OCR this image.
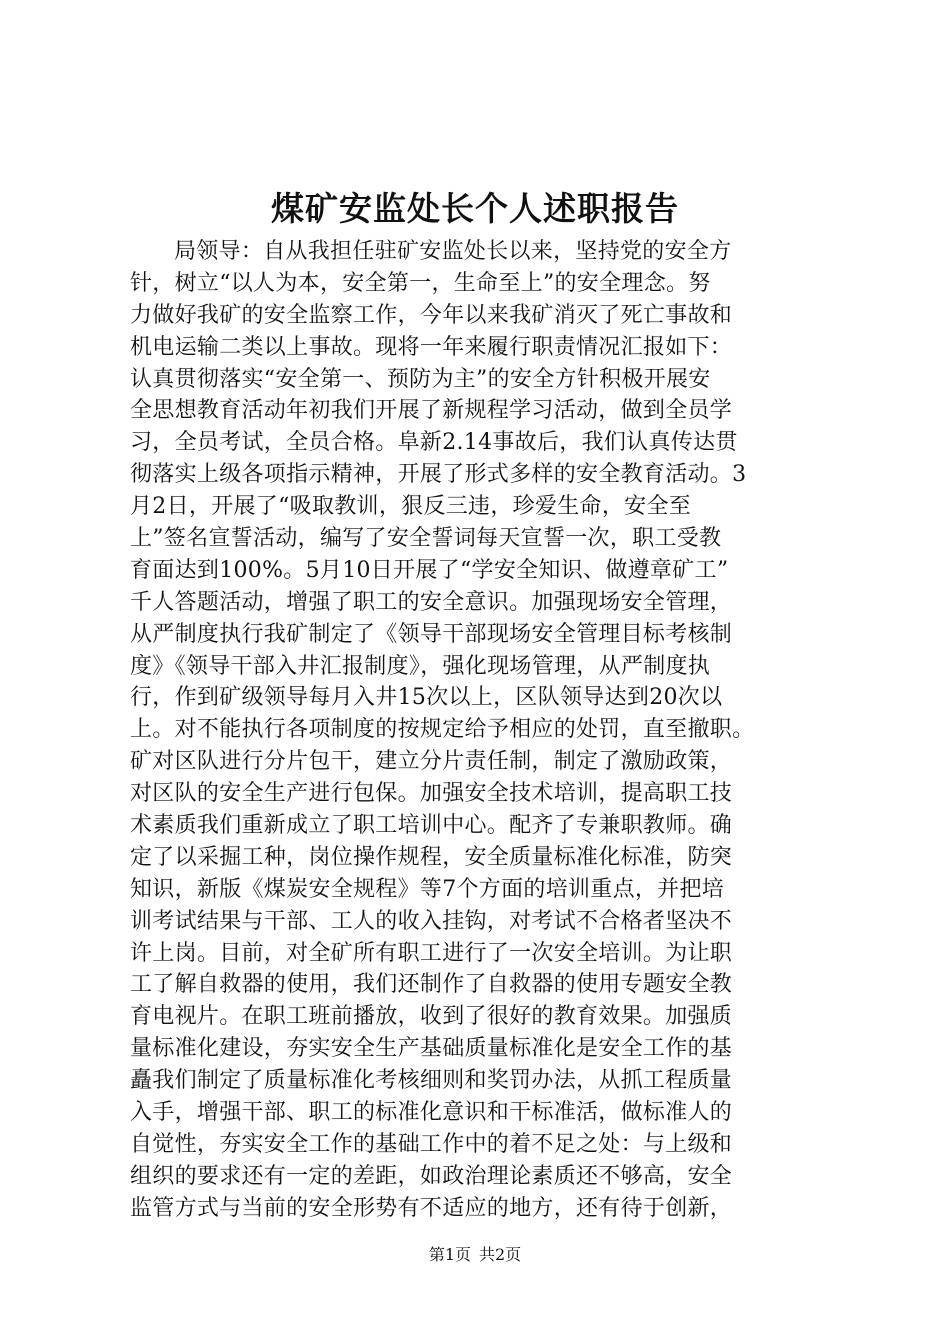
煤矿安监处长个人述职报告
局领导：自从我担任驻矿安监处长以来，坚持党的安全方
针，树立“以人为本，安全第一，生命至上”的安全理念。努
力做好我矿的安全监察工作，今年以来我矿消灭了死亡事故和
机电运输二类以上事故。现将一年来履行职责情况汇报如下：
认真贯彻落实“安全第一、预防为主”的安全方针积极开展安
全思想教育活动年初我们开展了新规程学习活动，做到全员学
习，全员考试，全员合格。阜新2.14事故后，我们认真传达贯
彻落实上级各项指示精神，开展了形式多样的安全教育活动。3
月2日，开展了“吸取教训，狠反三违，珍爱生命，安全至
上”签名宣誓活动，编写了安全誓词每天宣誓一次，职工受教
育面达到100%。5月10日开展了“学安全知识、做遵章矿工”
千人答题活动，增强了职工的安全意识。加强现场安全管理，
从严制度执行我矿制定了《领导干部现场安全管理目标考核制
度》《领导干部入井汇报制度》，强化现场管理，从严制度执
行，作到矿级领导每月入井15次以上，区队领导达到20次以
上。对不能执行各项制度的按规定给予相应的处罚，直至撤职。
矿对区队进行分片包干，建立分片责任制，制定了激励政策，
对区队的安全生产进行包保。加强安全技术培训，提高职工技
术素质我们重新成立了职工培训中心。配齐了专兼职教师。确
定了以采掘工种，岗位操作规程，安全质量标准化标准，防突
知识，新版《煤炭安全规程》等7个方面的培训重点，并把培
训考试结果与干部、工人的收入挂钩，对考试不合格者坚决不
许上岗。目前，对全矿所有职工进行了一次安全培训。为让职
工了解自救器的使用，我们还制作了自救器的使用专题安全教
育电视片。在职工班前播放，收到了很好的教育效果。加强质
量标准化建设，夯实安全生产基础质量标准化是安全工作的基
矗我们制定了质量标准化考核细则和奖罚办法，从抓工程质量
入手，增强干部、职工的标准化意识和干标准活，做标准人的
自觉性，夯实安全工作的基础工作中的着不足之处：与上级和
组织的要求还有一定的差距，如政治理论素质还不够高，安全
监管方式与当前的安全形势有不适应的地方，还有待于创新，
第1页 共2页
